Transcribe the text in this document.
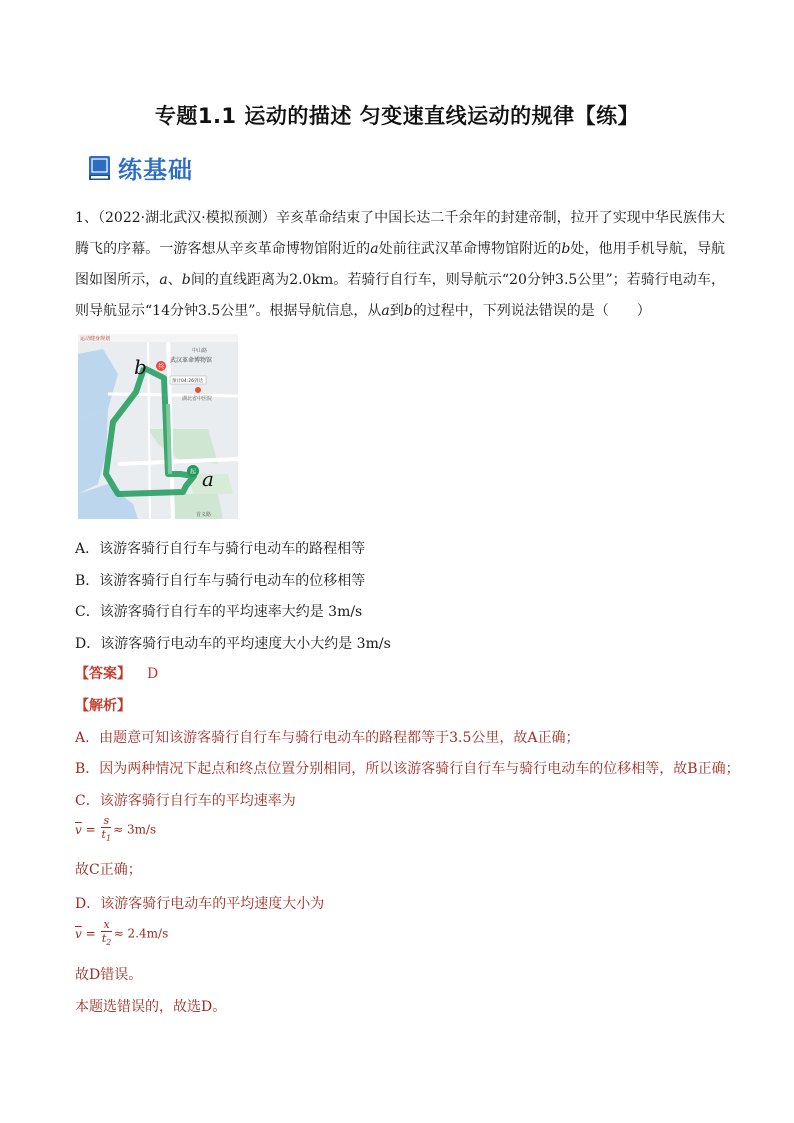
专题1.1 运动的描述 匀变速直线运动的规律【练】
练基础
1、（2022·湖北武汉·模拟预测）辛亥革命结束了中国长达二千余年的封建帝制，拉开了实现中华民族伟大腾飞的序幕。一游客想从辛亥革命博物馆附近的a处前往武汉革命博物馆附近的b处，他用手机导航，导航图如图所示，a、b间的直线距离为2.0km。若骑行自行车，则导航示“20分钟3.5公里”；若骑行电动车，则导航显示“14分钟3.5公里”。根据导航信息，从a到b的过程中，下列说法错误的是（　　）
运动健身规划
终
武汉革命博物馆
预计04:26到达
湖北省中医院
中山路
首义路
起
b
a
A．该游客骑行自行车与骑行电动车的路程相等
B．该游客骑行自行车与骑行电动车的位移相等
C．该游客骑行自行车的平均速率大约是 3m/s
D．该游客骑行电动车的平均速度大小大约是 3m/s
【答案】 D
【解析】
A．由题意可知该游客骑行自行车与骑行电动车的路程都等于3.5公里，故A正确；
B．因为两种情况下起点和终点位置分别相同，所以该游客骑行自行车与骑行电动车的位移相等，故B正确；
C．该游客骑行自行车的平均速率为
$\overline{v} = \frac{s}{t_1} \approx 3m/s$
故C正确；
D．该游客骑行电动车的平均速度大小为
$\overline{v} = \frac{x}{t_2} \approx 2.4m/s$
故D错误。
本题选错误的，故选D。
